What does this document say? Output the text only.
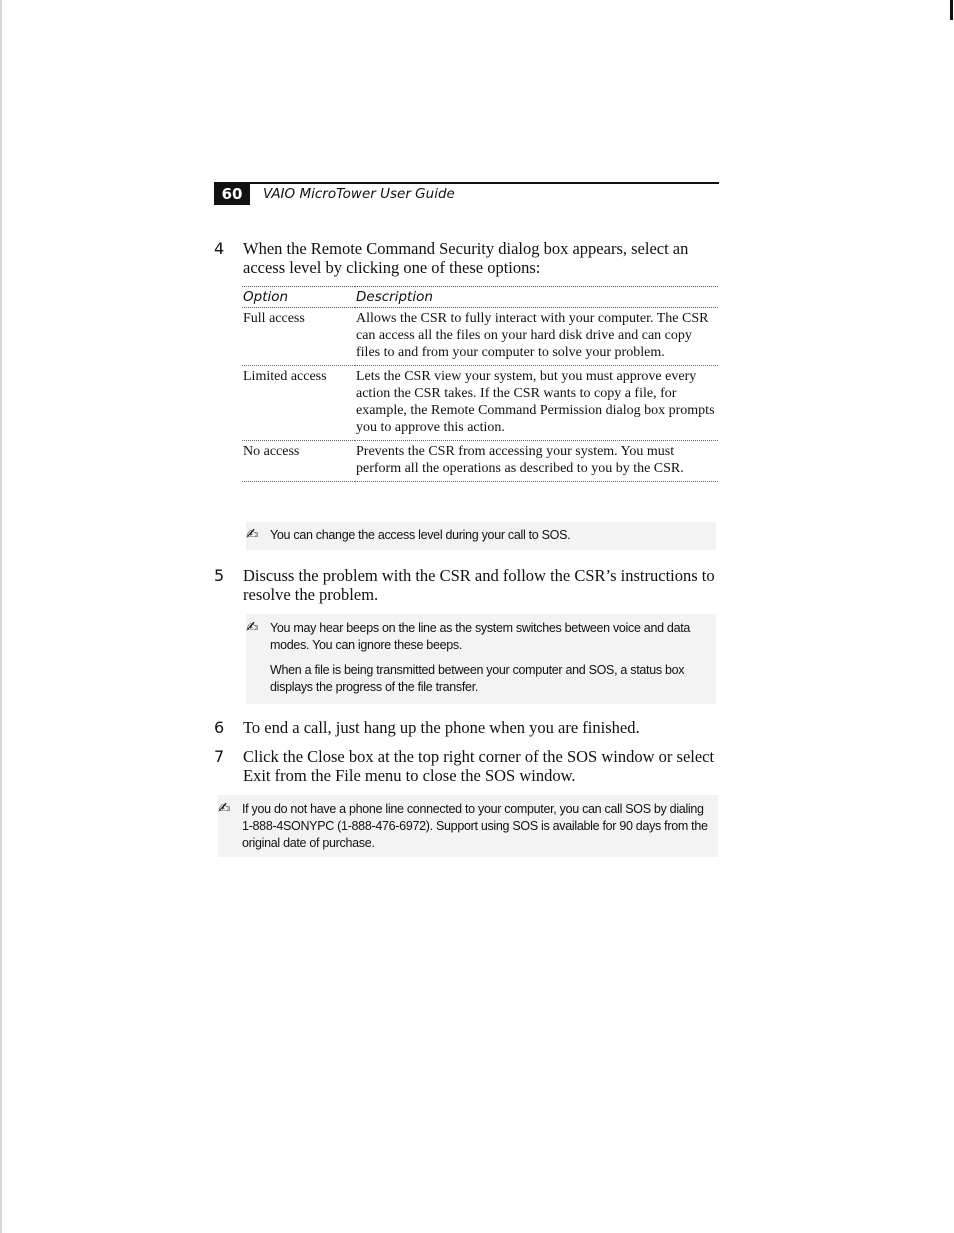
60	VAIO MicroTower User Guide
4 When the Remote Command Security dialog box appears, select an access level by clicking one of these options:
Option	Description
Full access	Allows the CSR to fully interact with your computer. The CSR can access all the files on your hard disk drive and can copy files to and from your computer to solve your problem.
Limited access	Lets the CSR view your system, but you must approve every action the CSR takes. If the CSR wants to copy a file, for example, the Remote Command Permission dialog box prompts you to approve this action.
No access	Prevents the CSR from accessing your system. You must perform all the operations as described to you by the CSR.
✍ You can change the access level during your call to SOS.
5 Discuss the problem with the CSR and follow the CSR’s instructions to resolve the problem.
✍ You may hear beeps on the line as the system switches between voice and data modes. You can ignore these beeps.
When a file is being transmitted between your computer and SOS, a status box displays the progress of the file transfer.
6 To end a call, just hang up the phone when you are finished.
7 Click the Close box at the top right corner of the SOS window or select Exit from the File menu to close the SOS window.
✍ If you do not have a phone line connected to your computer, you can call SOS by dialing 1-888-4SONYPC (1-888-476-6972). Support using SOS is available for 90 days from the original date of purchase.
